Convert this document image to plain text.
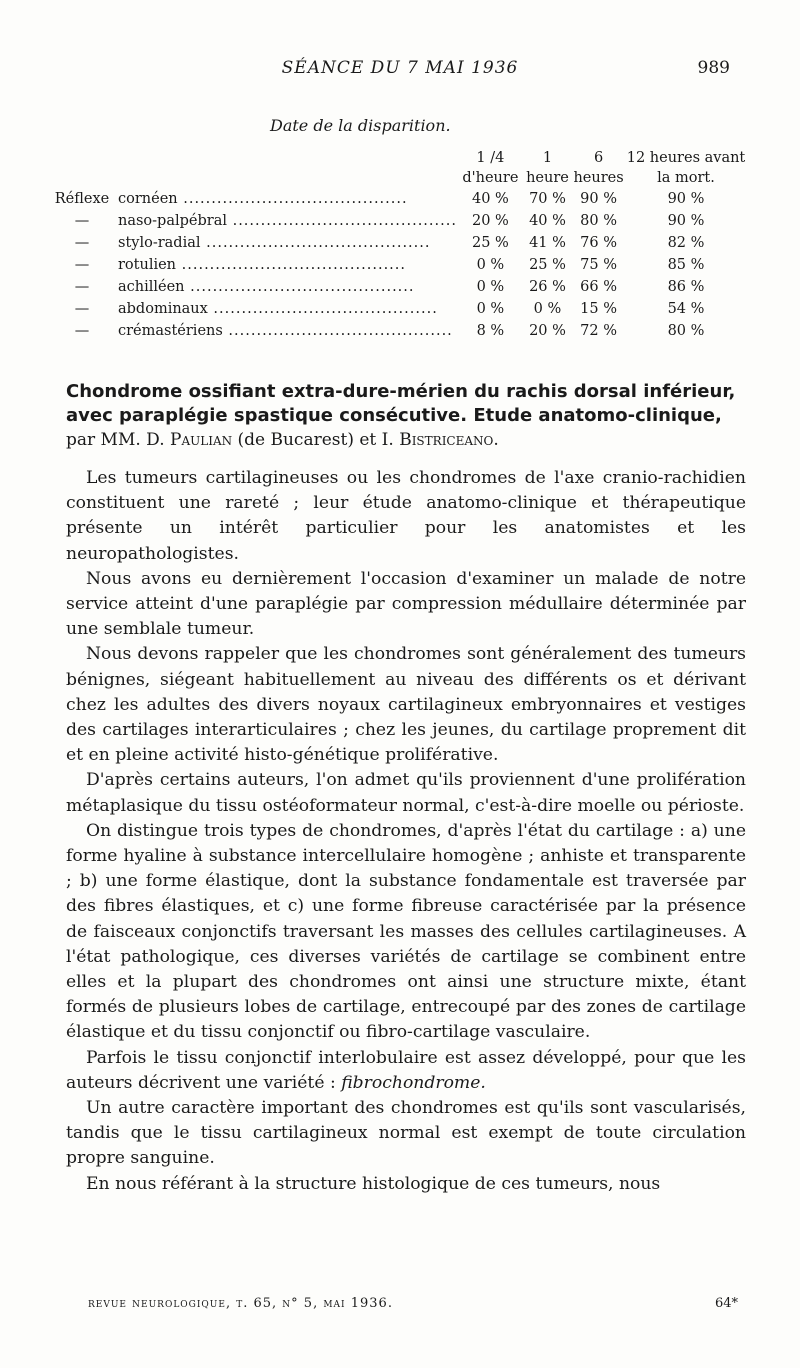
SÉANCE DU 7 MAI 1936	989
Date de la disparition.
	1 /4 d'heure	1 heure	6 heures	12 heures avant la mort.
Réflexe cornéen ........................................	40 %	70 %	90 %	90 %
— naso-palpébral ........................................	20 %	40 %	80 %	90 %
— stylo-radial ........................................	25 %	41 %	76 %	82 %
— rotulien ........................................	0 %	25 %	75 %	85 %
— achilléen ........................................	0 %	26 %	66 %	86 %
— abdominaux ........................................	0 %	0 %	15 %	54 %
— crémastériens ........................................	8 %	20 %	72 %	80 %
Chondrome ossifiant extra-dure-mérien du rachis dorsal inférieur, avec paraplégie spastique consécutive. Etude anatomo-clinique,
par MM. D. Paulian (de Bucarest) et I. Bistriceano.

Les tumeurs cartilagineuses ou les chondromes de l'axe cranio-rachidien constituent une rareté ; leur étude anatomo-clinique et thérapeutique présente un intérêt particulier pour les anatomistes et les neuropathologistes.

Nous avons eu dernièrement l'occasion d'examiner un malade de notre service atteint d'une paraplégie par compression médullaire déterminée par une semblale tumeur.

Nous devons rappeler que les chondromes sont généralement des tumeurs bénignes, siégeant habituellement au niveau des différents os et dérivant chez les adultes des divers noyaux cartilagineux embryonnaires et vestiges des cartilages interarticulaires ; chez les jeunes, du cartilage proprement dit et en pleine activité histo-génétique proliférative.

D'après certains auteurs, l'on admet qu'ils proviennent d'une prolifération métaplasique du tissu ostéoformateur normal, c'est-à-dire moelle ou périoste.

On distingue trois types de chondromes, d'après l'état du cartilage : a) une forme hyaline à substance intercellulaire homogène ; anhiste et transparente ; b) une forme élastique, dont la substance fondamentale est traversée par des fibres élastiques, et c) une forme fibreuse caractérisée par la présence de faisceaux conjonctifs traversant les masses des cellules cartilagineuses. A l'état pathologique, ces diverses variétés de cartilage se combinent entre elles et la plupart des chondromes ont ainsi une structure mixte, étant formés de plusieurs lobes de cartilage, entrecoupé par des zones de cartilage élastique et du tissu conjonctif ou fibro-cartilage vasculaire.

Parfois le tissu conjonctif interlobulaire est assez développé, pour que les auteurs décrivent une variété : fibrochondrome.

Un autre caractère important des chondromes est qu'ils sont vascularisés, tandis que le tissu cartilagineux normal est exempt de toute circulation propre sanguine.

En nous référant à la structure histologique de ces tumeurs, nous

revue neurologique, t. 65, n° 5, mai 1936.	64*
